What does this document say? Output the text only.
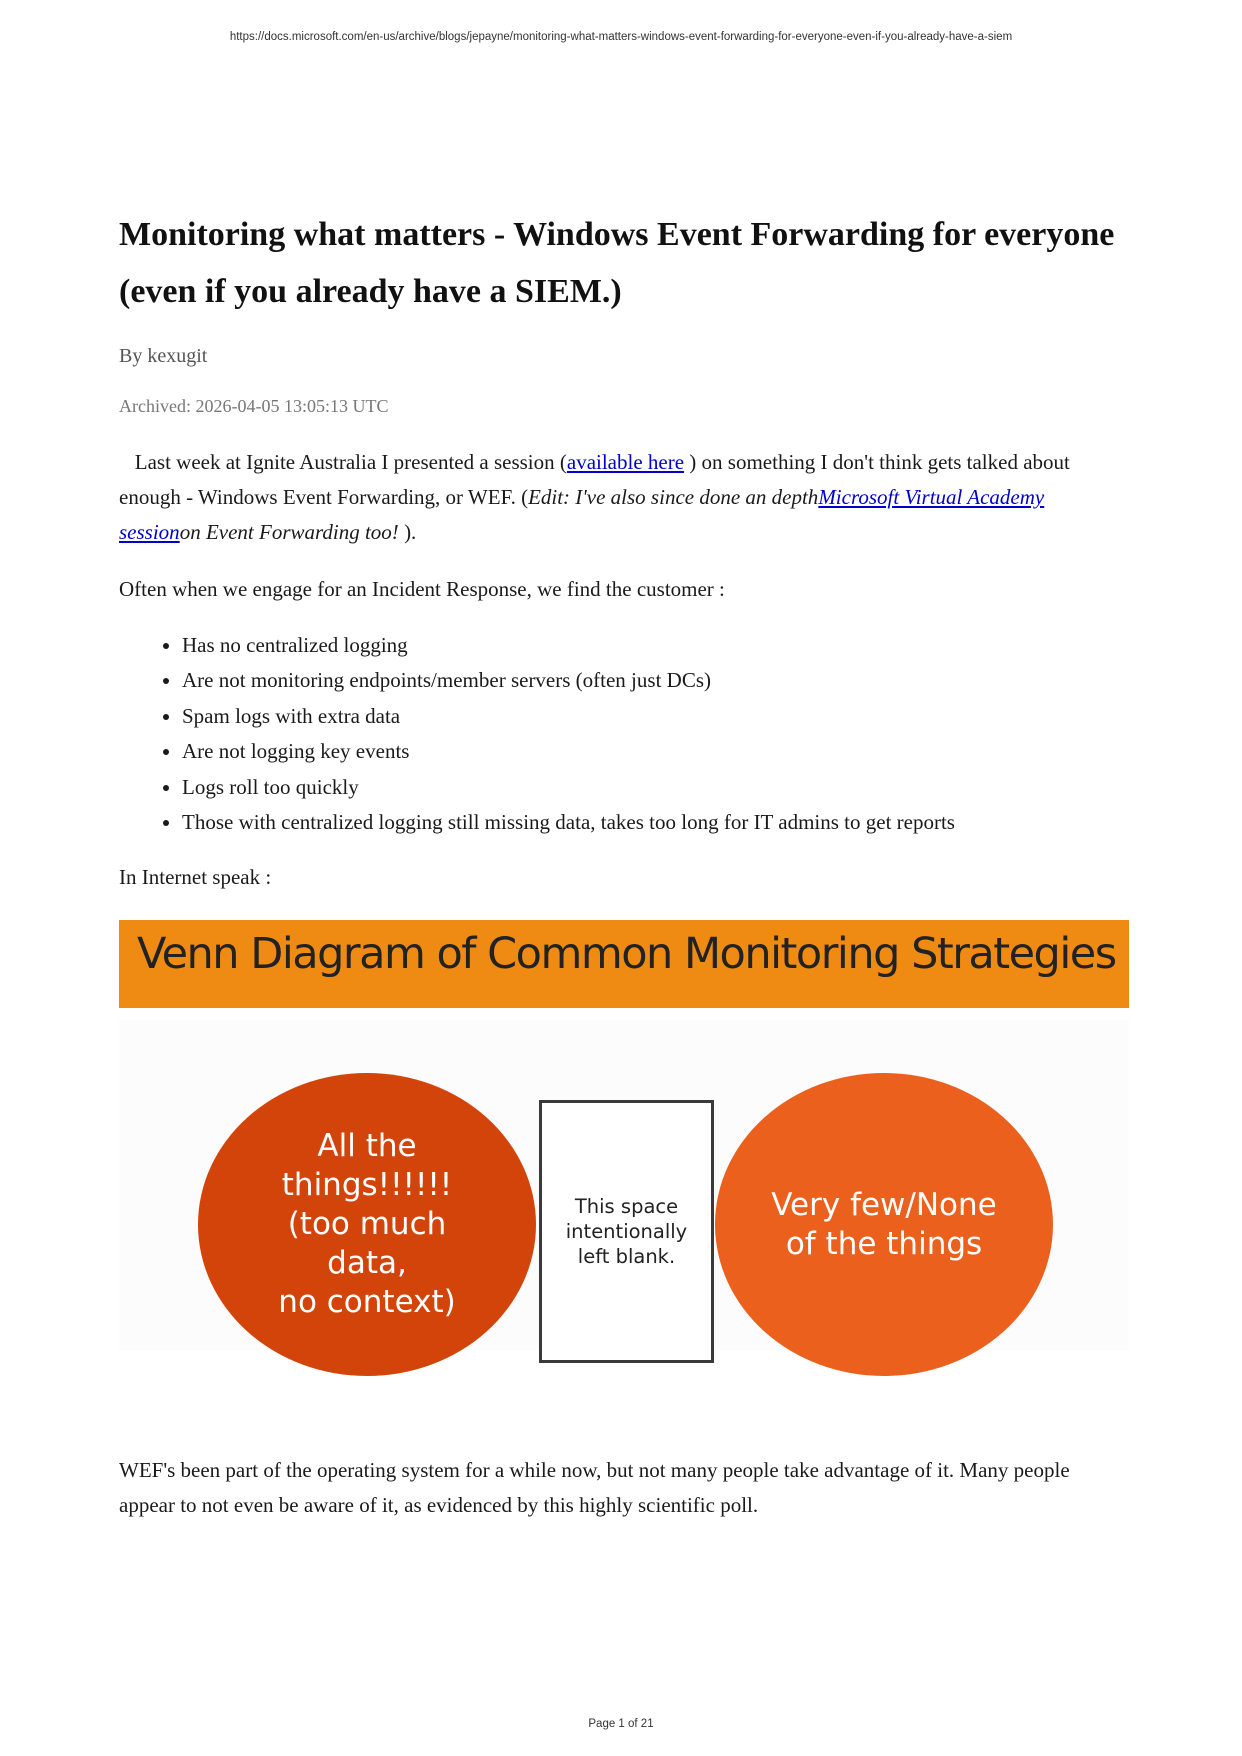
https://docs.microsoft.com/en-us/archive/blogs/jepayne/monitoring-what-matters-windows-event-forwarding-for-everyone-even-if-you-already-have-a-siem
Monitoring what matters - Windows Event Forwarding for everyone (even if you already have a SIEM.)
By kexugit
Archived: 2026-04-05 13:05:13 UTC

Last week at Ignite Australia I presented a session (available here ) on something I don't think gets talked about enough - Windows Event Forwarding, or WEF. (Edit: I've also since done an depthMicrosoft Virtual Academy sessionon Event Forwarding too! ).

Often when we engage for an Incident Response, we find the customer :

• Has no centralized logging
• Are not monitoring endpoints/member servers (often just DCs)
• Spam logs with extra data
• Are not logging key events
• Logs roll too quickly
• Those with centralized logging still missing data, takes too long for IT admins to get reports

In Internet speak :

Venn Diagram of Common Monitoring Strategies
All the
things!!!!!!
(too much data,
no context)
This space
intentionally
left blank.
Very few/None
of the things

WEF's been part of the operating system for a while now, but not many people take advantage of it. Many people appear to not even be aware of it, as evidenced by this highly scientific poll.

Page 1 of 21
